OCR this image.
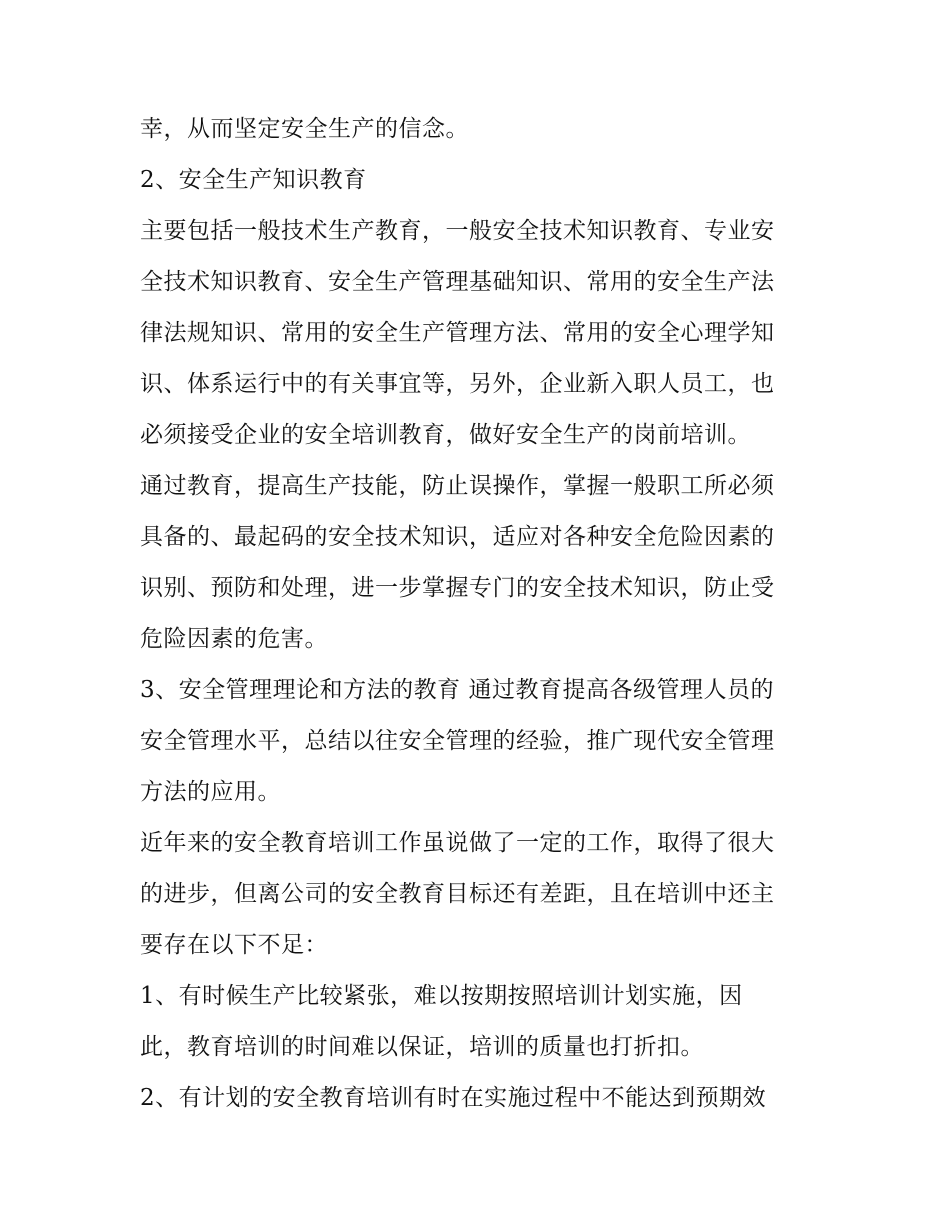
幸，从而坚定安全生产的信念。
2、安全生产知识教育
主要包括一般技术生产教育，一般安全技术知识教育、专业安
全技术知识教育、安全生产管理基础知识、常用的安全生产法
律法规知识、常用的安全生产管理方法、常用的安全心理学知
识、体系运行中的有关事宜等，另外，企业新入职人员工，也
必须接受企业的安全培训教育，做好安全生产的岗前培训。
通过教育，提高生产技能，防止误操作，掌握一般职工所必须
具备的、最起码的安全技术知识，适应对各种安全危险因素的
识别、预防和处理，进一步掌握专门的安全技术知识，防止受
危险因素的危害。
3、安全管理理论和方法的教育 通过教育提高各级管理人员的
安全管理水平，总结以往安全管理的经验，推广现代安全管理
方法的应用。
近年来的安全教育培训工作虽说做了一定的工作，取得了很大
的进步，但离公司的安全教育目标还有差距，且在培训中还主
要存在以下不足：
1、有时候生产比较紧张，难以按期按照培训计划实施，因
此，教育培训的时间难以保证，培训的质量也打折扣。
2、有计划的安全教育培训有时在实施过程中不能达到预期效
